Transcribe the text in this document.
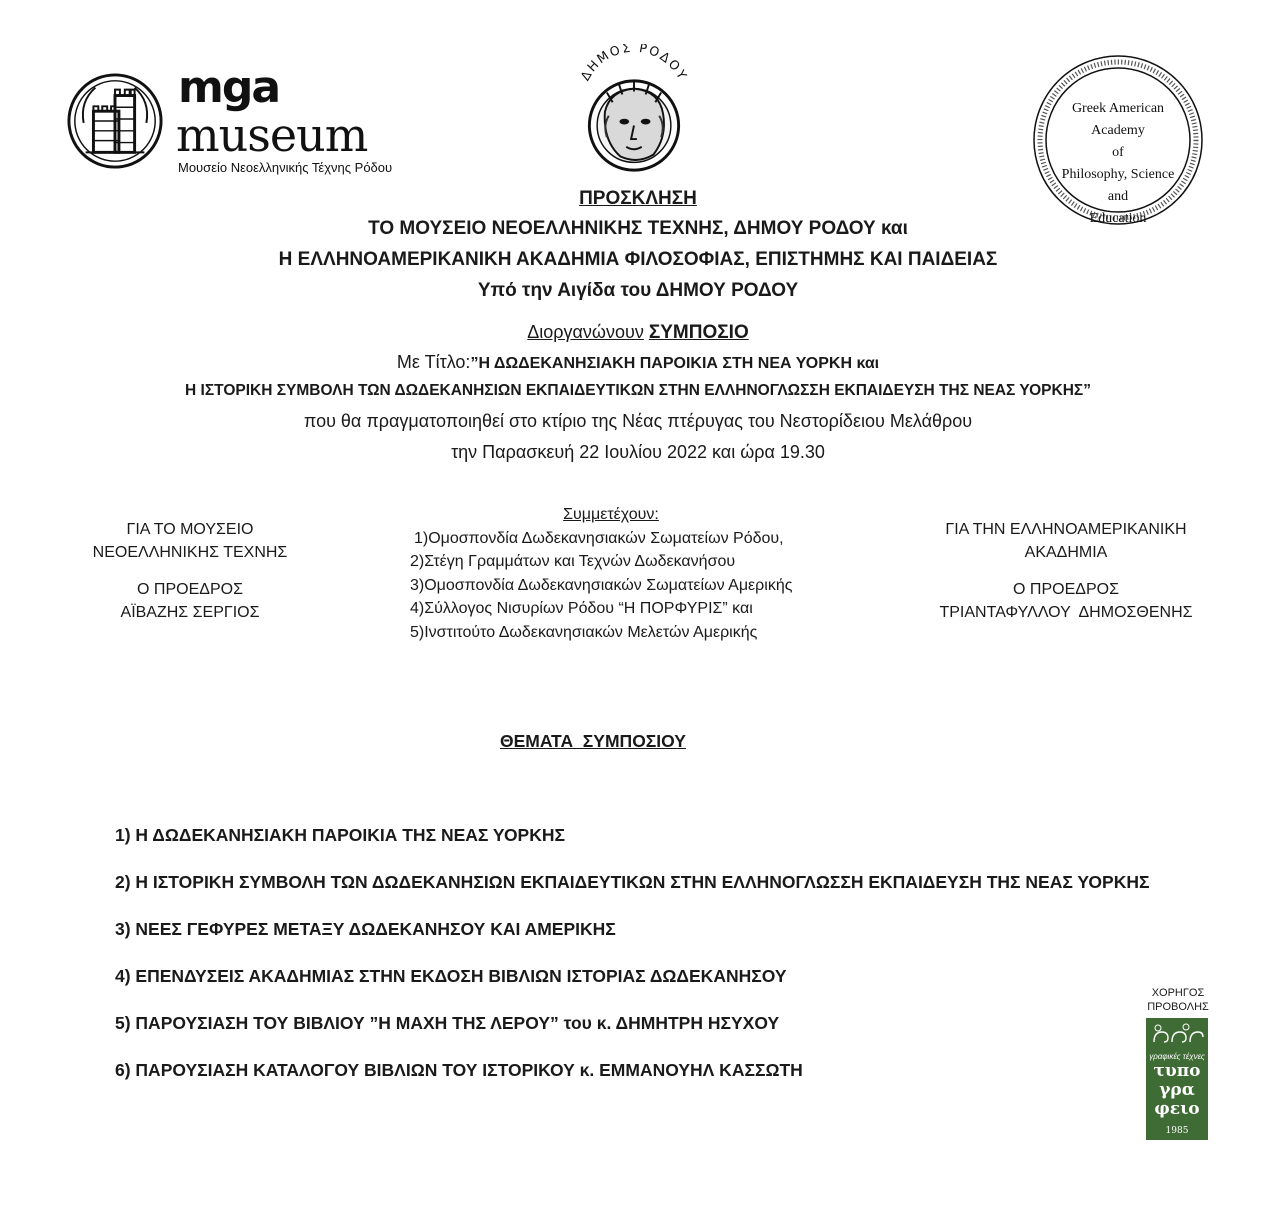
mga
museum
Μουσείο Νεοελληνικής Τέχνης Ρόδου
ΔΗΜΟΣ ΡΟΔΟΥ
Greek American Academy
of
Philosophy, Science and
Education
ΠΡΟΣΚΛΗΣΗ
ΤΟ ΜΟΥΣΕΙΟ ΝΕΟΕΛΛΗΝΙΚΗΣ ΤΕΧΝΗΣ, ΔΗΜΟΥ ΡΟΔΟΥ και
Η ΕΛΛΗΝΟΑΜΕΡΙΚΑΝΙΚΗ ΑΚΑΔΗΜΙΑ ΦΙΛΟΣΟΦΙΑΣ, ΕΠΙΣΤΗΜΗΣ ΚΑΙ ΠΑΙΔΕΙΑΣ
Υπό την Αιγίδα του ΔΗΜΟΥ ΡΟΔΟΥ
Διοργανώνουν ΣΥΜΠΟΣΙΟ
Με Τίτλο:”Η ΔΩΔΕΚΑΝΗΣΙΑΚΗ ΠΑΡΟΙΚΙΑ ΣΤΗ ΝΕΑ ΥΟΡΚΗ και
Η ΙΣΤΟΡΙΚΗ ΣΥΜΒΟΛΗ ΤΩΝ ΔΩΔΕΚΑΝΗΣΙΩΝ ΕΚΠΑΙΔΕΥΤΙΚΩΝ ΣΤΗΝ ΕΛΛΗΝΟΓΛΩΣΣΗ ΕΚΠΑΙΔΕΥΣΗ ΤΗΣ ΝΕΑΣ ΥΟΡΚΗΣ”
που θα πραγματοποιηθεί στο κτίριο της Νέας πτέρυγας του Νεστορίδειου Μελάθρου
την Παρασκευή 22 Ιουλίου 2022 και ώρα 19.30
ΓΙΑ ΤΟ ΜΟΥΣΕΙΟ
ΝΕΟΕΛΛΗΝΙΚΗΣ ΤΕΧΝΗΣ
Ο ΠΡΟΕΔΡΟΣ
ΑΪΒΑΖΗΣ ΣΕΡΓΙΟΣ
Συμμετέχουν:
1)Ομοσπονδία Δωδεκανησιακών Σωματείων Ρόδου,
2)Στέγη Γραμμάτων και Τεχνών Δωδεκανήσου
3)Ομοσπονδία Δωδεκανησιακών Σωματείων Αμερικής
4)Σύλλογος Νισυρίων Ρόδου “Η ΠΟΡΦΥΡΙΣ” και
5)Ινστιτούτο Δωδεκανησιακών Μελετών Αμερικής
ΓΙΑ ΤΗΝ ΕΛΛΗΝΟΑΜΕΡΙΚΑΝΙΚΗ
ΑΚΑΔΗΜΙΑ
Ο ΠΡΟΕΔΡΟΣ
ΤΡΙΑΝΤΑΦΥΛΛΟΥ  ΔΗΜΟΣΘΕΝΗΣ
ΘΕΜΑΤΑ  ΣΥΜΠΟΣΙΟΥ
1) Η ΔΩΔΕΚΑΝΗΣΙΑΚΗ ΠΑΡΟΙΚΙΑ ΤΗΣ ΝΕΑΣ ΥΟΡΚΗΣ
2) Η ΙΣΤΟΡΙΚΗ ΣΥΜΒΟΛΗ ΤΩΝ ΔΩΔΕΚΑΝΗΣΙΩΝ ΕΚΠΑΙΔΕΥΤΙΚΩΝ ΣΤΗΝ ΕΛΛΗΝΟΓΛΩΣΣΗ ΕΚΠΑΙΔΕΥΣΗ ΤΗΣ ΝΕΑΣ ΥΟΡΚΗΣ
3) ΝΕΕΣ ΓΕΦΥΡΕΣ ΜΕΤΑΞΥ ΔΩΔΕΚΑΝΗΣΟΥ ΚΑΙ ΑΜΕΡΙΚΗΣ
4) ΕΠΕΝΔΥΣΕΙΣ ΑΚΑΔΗΜΙΑΣ ΣΤΗΝ ΕΚΔΟΣΗ ΒΙΒΛΙΩΝ ΙΣΤΟΡΙΑΣ ΔΩΔΕΚΑΝΗΣΟΥ
5) ΠΑΡΟΥΣΙΑΣΗ ΤΟΥ ΒΙΒΛΙΟΥ ”Η ΜΑΧΗ ΤΗΣ ΛΕΡΟΥ” του κ. ΔΗΜΗΤΡΗ ΗΣΥΧΟΥ
6) ΠΑΡΟΥΣΙΑΣΗ ΚΑΤΑΛΟΓΟΥ ΒΙΒΛΙΩΝ ΤΟΥ ΙΣΤΟΡΙΚΟΥ κ. ΕΜΜΑΝΟΥΗΛ ΚΑΣΣΩΤΗ
ΧΟΡΗΓΟΣ
ΠΡΟΒΟΛΗΣ
γραφικές τέχνες
τυπο
γρα
φειο
1985
